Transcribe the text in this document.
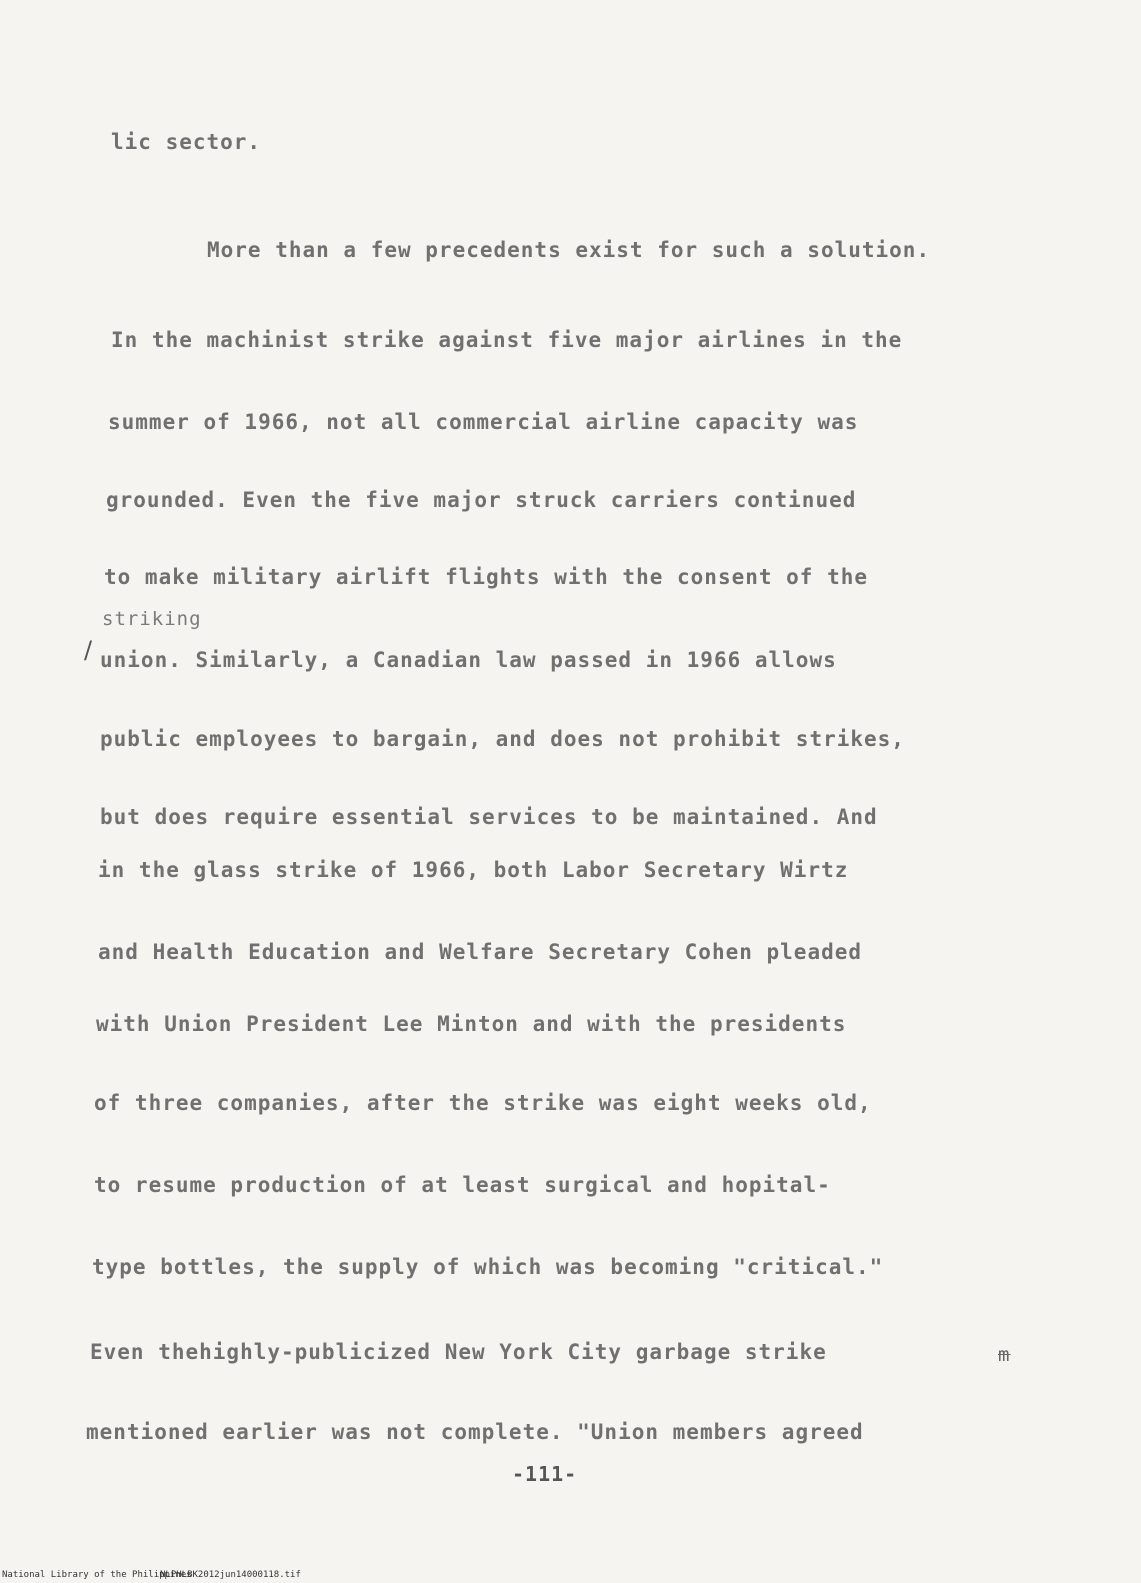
lic sector.
More than a few precedents exist for such a solution.
In the machinist strike against five major airlines in the
summer of 1966, not all commercial airline capacity was
grounded. Even the five major struck carriers continued
to make military airlift flights with the consent of the
striking
/ union. Similarly, a Canadian law passed in 1966 allows
public employees to bargain, and does not prohibit strikes,
but does require essential services to be maintained. And
in the glass strike of 1966, both Labor Secretary Wirtz
and Health Education and Welfare Secretary Cohen pleaded
with Union President Lee Minton and with the presidents
of three companies, after the strike was eight weeks old,
to resume production of at least surgical and hopital-
type bottles, the supply of which was becoming "critical."
Even thehighly-publicized New York City garbage strike	m
mentioned earlier was not complete. "Union members agreed
-111-
National Library of the Philippines
NLPHLBK2012jun14000118.tif
